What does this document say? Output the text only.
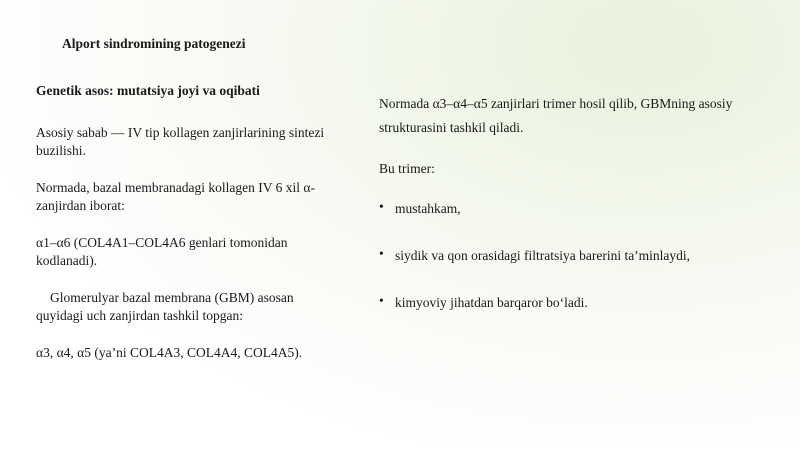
Alport sindromining patogenezi

Genetik asos: mutatsiya joyi va oqibati

Asosiy sabab — IV tip kollagen zanjirlarining sintezi buzilishi.

Normada, bazal membranadagi kollagen IV 6 xil α-zanjirdan iborat:

α1–α6 (COL4A1–COL4A6 genlari tomonidan kodlanadi).

Glomerulyar bazal membrana (GBM) asosan quyidagi uch zanjirdan tashkil topgan:

α3, α4, α5 (ya’ni COL4A3, COL4A4, COL4A5).

Normada α3–α4–α5 zanjirlari trimer hosil qilib, GBMning asosiy strukturasini tashkil qiladi.

Bu trimer:

• mustahkam,
• siydik va qon orasidagi filtratsiya barerini ta’minlaydi,
• kimyoviy jihatdan barqaror bo‘ladi.
